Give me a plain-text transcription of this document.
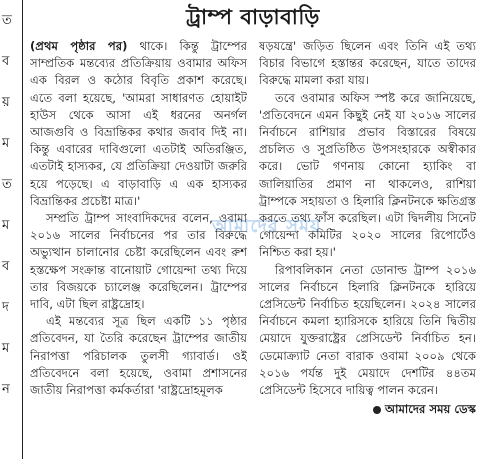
ত
ব
য়
ম
ত
ম
ব
দ
ম
ন
ট্রাম্প বাড়াবাড়ি

(প্রথম পৃষ্ঠার পর) থাকে। কিন্তু ট্রাম্পের সাম্প্রতিক মন্তব্যের প্রতিক্রিয়ায় ওবামার অফিস এক বিরল ও কঠোর বিবৃতি প্রকাশ করেছে। এতে বলা হয়েছে, 'আমরা সাধারণত হোয়াইট হাউস থেকে আসা এই ধরনের অনর্গল আজগুবি ও বিভ্রান্তিকর কথার জবাব দিই না। কিন্তু এবারের দাবিগুলো এতটাই অতিরঞ্জিত, এতটাই হাস্যকর, যে প্রতিক্রিয়া দেওয়াটা জরুরি হয়ে পড়েছে। এ বাড়াবাড়ি এ এক হাস্যকর বিভ্রান্তিকর প্রচেষ্টা মাত্র।'

সম্প্রতি ট্রাম্প সাংবাদিকদের বলেন, ওবামা ২০১৬ সালের নির্বাচনের পর তার বিরুদ্ধে অভ্যুত্থান চালানোর চেষ্টা করেছিলেন এবং রুশ হস্তক্ষেপ সংক্রান্ত বানোয়াট গোয়েন্দা তথ্য দিয়ে তার বিজয়কে চ্যালেঞ্জ করেছিলেন। ট্রাম্পের দাবি, এটা ছিল রাষ্ট্রদ্রোহ।

এই মন্তব্যের সূত্র ছিল একটি ১১ পৃষ্ঠার প্রতিবেদন, যা তৈরি করেছেন ট্রাম্পের জাতীয় নিরাপত্তা পরিচালক তুলসী গ্যাবার্ড। ওই প্রতিবেদনে বলা হয়েছে, ওবামা প্রশাসনের জাতীয় নিরাপত্তা কর্মকর্তারা 'রাষ্ট্রদ্রোহমূলক

ষড়যন্ত্রে' জড়িত ছিলেন এবং তিনি এই তথ্য বিচার বিভাগে হস্তান্তর করেছেন, যাতে তাদের বিরুদ্ধে মামলা করা যায়।

তবে ওবামার অফিস স্পষ্ট করে জানিয়েছে, 'প্রতিবেদনে এমন কিছুই নেই যা ২০১৬ সালের নির্বাচনে রাশিয়ার প্রভাব বিস্তারের বিষয়ে প্রচলিত ও সুপ্রতিষ্ঠিত উপসংহারকে অস্বীকার করে। ভোট গণনায় কোনো হ্যাকিং বা জালিয়াতির প্রমাণ না থাকলেও, রাশিয়া ট্রাম্পকে সহায়তা ও হিলারি ক্লিনটনকে ক্ষতিগ্রস্ত করতে তথ্য ফাঁস করেছিল। এটা দ্বিদলীয় সিনেট গোয়েন্দা কমিটির ২০২০ সালের রিপোর্টেও নিশ্চিত করা হয়।'

রিপাবলিকান নেতা ডোনাল্ড ট্রাম্প ২০১৬ সালের নির্বাচনে হিলারি ক্লিনটনকে হারিয়ে প্রেসিডেন্ট নির্বাচিত হয়েছিলেন। ২০২৪ সালের নির্বাচনে কমলা হ্যারিসকে হারিয়ে তিনি দ্বিতীয় মেয়াদে যুক্তরাষ্ট্রের প্রেসিডেন্ট নির্বাচিত হন। ডেমোক্র্যাট নেতা বারাক ওবামা ২০০৯ থেকে ২০১৬ পর্যন্ত দুই মেয়াদে দেশটির ৪৪তম প্রেসিডেন্ট হিসেবে দায়িত্ব পালন করেন।

আমাদের সময় ডেস্ক
আমাদের সময়
